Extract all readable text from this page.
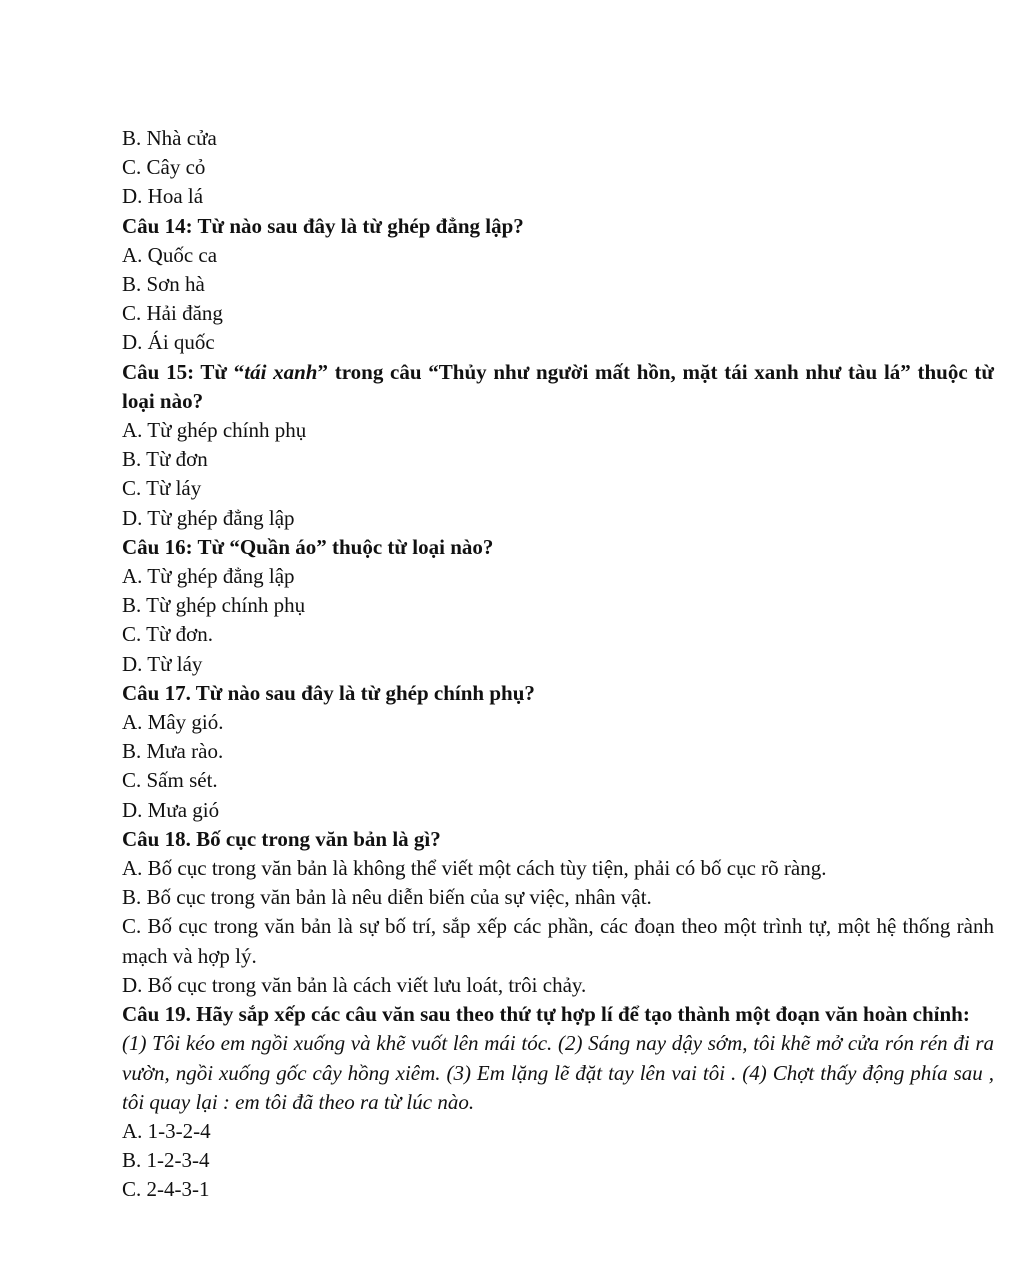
B. Nhà cửa
C. Cây cỏ
D. Hoa lá
Câu 14: Từ nào sau đây là từ ghép đẳng lập?
A. Quốc ca
B. Sơn hà
C. Hải đăng
D. Ái quốc
Câu 15: Từ “tái xanh” trong câu “Thủy như người mất hồn, mặt tái xanh như tàu lá” thuộc từ loại nào?
A. Từ ghép chính phụ
B. Từ đơn
C. Từ láy
D. Từ ghép đẳng lập
Câu 16: Từ “Quần áo” thuộc từ loại nào?
A. Từ ghép đẳng lập
B. Từ ghép chính phụ
C. Từ đơn.
D. Từ láy
Câu 17. Từ nào sau đây là từ ghép chính phụ?
A. Mây gió.
B. Mưa rào.
C. Sấm sét.
D. Mưa gió
Câu 18. Bố cục trong văn bản là gì?
A. Bố cục trong văn bản là không thể viết một cách tùy tiện, phải có bố cục rõ ràng.
B. Bố cục trong văn bản là nêu diễn biến của sự việc, nhân vật.
C. Bố cục trong văn bản là sự bố trí, sắp xếp các phần, các đoạn theo một trình tự, một hệ thống rành mạch và hợp lý.
D. Bố cục trong văn bản là cách viết lưu loát, trôi chảy.
Câu 19. Hãy sắp xếp các câu văn sau theo thứ tự hợp lí để tạo thành một đoạn văn hoàn chỉnh:
(1) Tôi kéo em ngồi xuống và khẽ vuốt lên mái tóc. (2) Sáng nay dậy sớm, tôi khẽ mở cửa rón rén đi ra vườn, ngồi xuống gốc cây hồng xiêm. (3) Em lặng lẽ đặt tay lên vai tôi . (4) Chợt thấy động phía sau , tôi quay lại : em tôi đã theo ra từ lúc nào.
A. 1-3-2-4
B. 1-2-3-4
C. 2-4-3-1
